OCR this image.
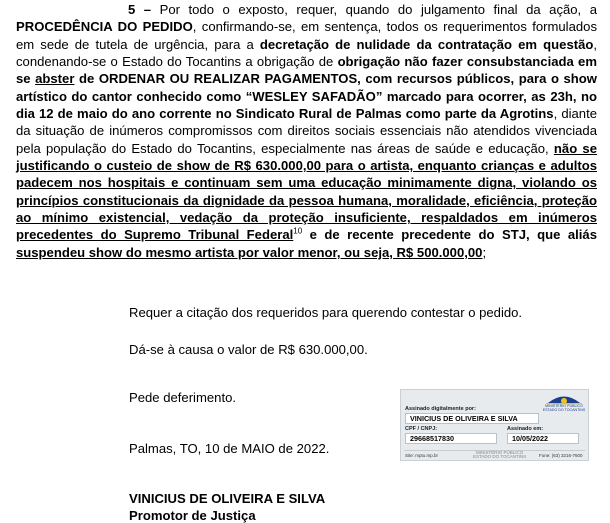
5 – Por todo o exposto, requer, quando do julgamento final da ação, a PROCEDÊNCIA DO PEDIDO, confirmando-se, em sentença, todos os requerimentos formulados em sede de tutela de urgência, para a decretação de nulidade da contratação em questão, condenando-se o Estado do Tocantins a obrigação de obrigação não fazer consubstanciada em se abster de ORDENAR OU REALIZAR PAGAMENTOS, com recursos públicos, para o show artístico do cantor conhecido como “WESLEY SAFADÃO” marcado para ocorrer, as 23h, no dia 12 de maio do ano corrente no Sindicato Rural de Palmas como parte da Agrotins, diante da situação de inúmeros compromissos com direitos sociais essenciais não atendidos vivenciada pela população do Estado do Tocantins, especialmente nas áreas de saúde e educação, não se justificando o custeio de show de R$ 630.000,00 para o artista, enquanto crianças e adultos padecem nos hospitais e continuam sem uma educação minimamente digna, violando os princípios constitucionais da dignidade da pessoa humana, moralidade, eficiência, proteção ao mínimo existencial, vedação da proteção insuficiente, respaldados em inúmeros precedentes do Supremo Tribunal Federal$^{10}$ e de recente precedente do STJ, que aliás suspendeu show do mesmo artista por valor menor, ou seja, R$ 500.000,00;

Requer a citação dos requeridos para querendo contestar o pedido.

Dá-se à causa o valor de R$ 630.000,00.

Pede deferimento.

Palmas, TO, 10 de MAIO de 2022.

VINICIUS DE OLIVEIRA E SILVA

Promotor de Justiça

MINISTÉRIO PÚBLICO
ESTADO DO TOCANTINS
Assinado digitalmente por:
VINICIUS DE OLIVEIRA E SILVA
CPF / CNPJ:
29668517830
Assinado em:
10/05/2022
Site: mpto.mp.br
MINISTÉRIO PÚBLICO
ESTADO DO TOCANTINS	Fone: (63) 3216-7600
